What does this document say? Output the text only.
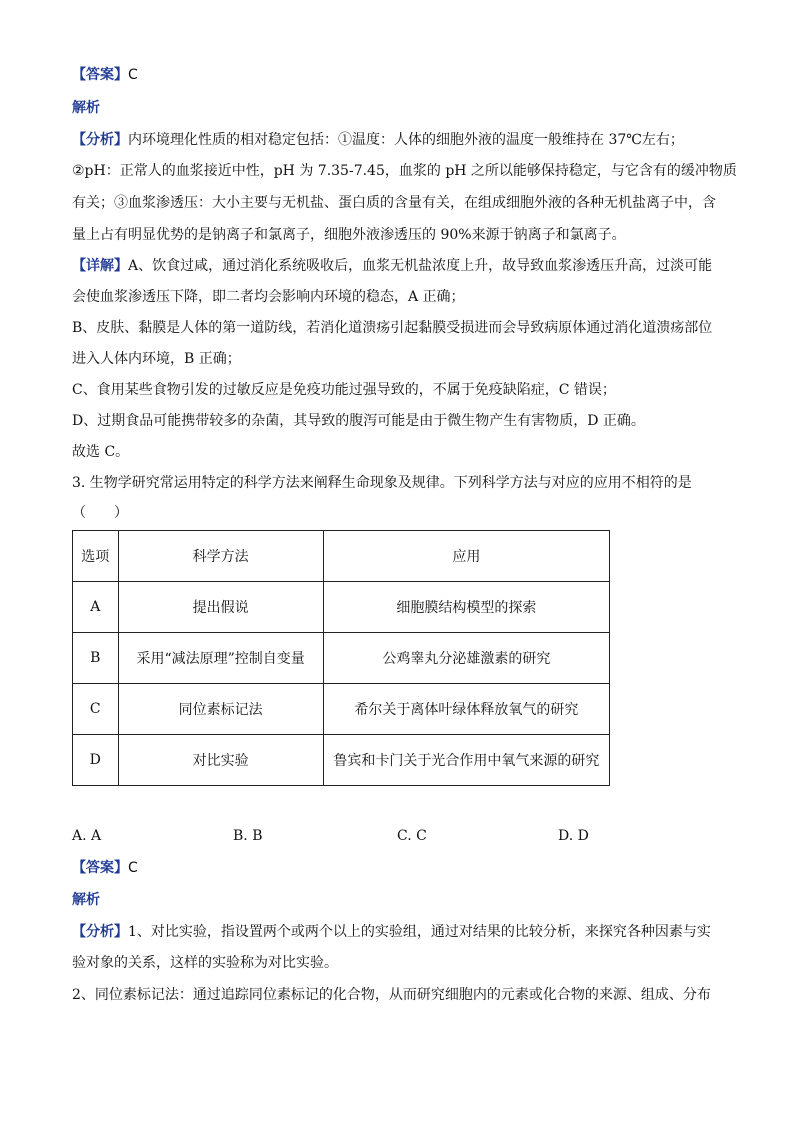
【答案】C
解析
【分析】内环境理化性质的相对稳定包括：①温度：人体的细胞外液的温度一般维持在 37℃左右；
②pH：正常人的血浆接近中性，pH 为 7.35-7.45，血浆的 pH 之所以能够保持稳定，与它含有的缓冲物质
有关；③血浆渗透压：大小主要与无机盐、蛋白质的含量有关，在组成细胞外液的各种无机盐离子中，含
量上占有明显优势的是钠离子和氯离子，细胞外液渗透压的 90%来源于钠离子和氯离子。
【详解】A、饮食过咸，通过消化系统吸收后，血浆无机盐浓度上升，故导致血浆渗透压升高，过淡可能
会使血浆渗透压下降，即二者均会影响内环境的稳态，A 正确；
B、皮肤、黏膜是人体的第一道防线，若消化道溃疡引起黏膜受损进而会导致病原体通过消化道溃疡部位
进入人体内环境，B 正确；
C、食用某些食物引发的过敏反应是免疫功能过强导致的，不属于免疫缺陷症，C 错误；
D、过期食品可能携带较多的杂菌，其导致的腹泻可能是由于微生物产生有害物质，D 正确。
故选 C。
3. 生物学研究常运用特定的科学方法来阐释生命现象及规律。下列科学方法与对应的应用不相符的是
（　　）
选项	科学方法	应用
A	提出假说	细胞膜结构模型的探索
B	采用“减法原理”控制自变量	公鸡睾丸分泌雄激素的研究
C	同位素标记法	希尔关于离体叶绿体释放氧气的研究
D	对比实验	鲁宾和卡门关于光合作用中氧气来源的研究
A. A	B. B	C. C	D. D
【答案】C
解析
【分析】1、对比实验，指设置两个或两个以上的实验组，通过对结果的比较分析，来探究各种因素与实
验对象的关系，这样的实验称为对比实验。
2、同位素标记法：通过追踪同位素标记的化合物，从而研究细胞内的元素或化合物的来源、组成、分布
